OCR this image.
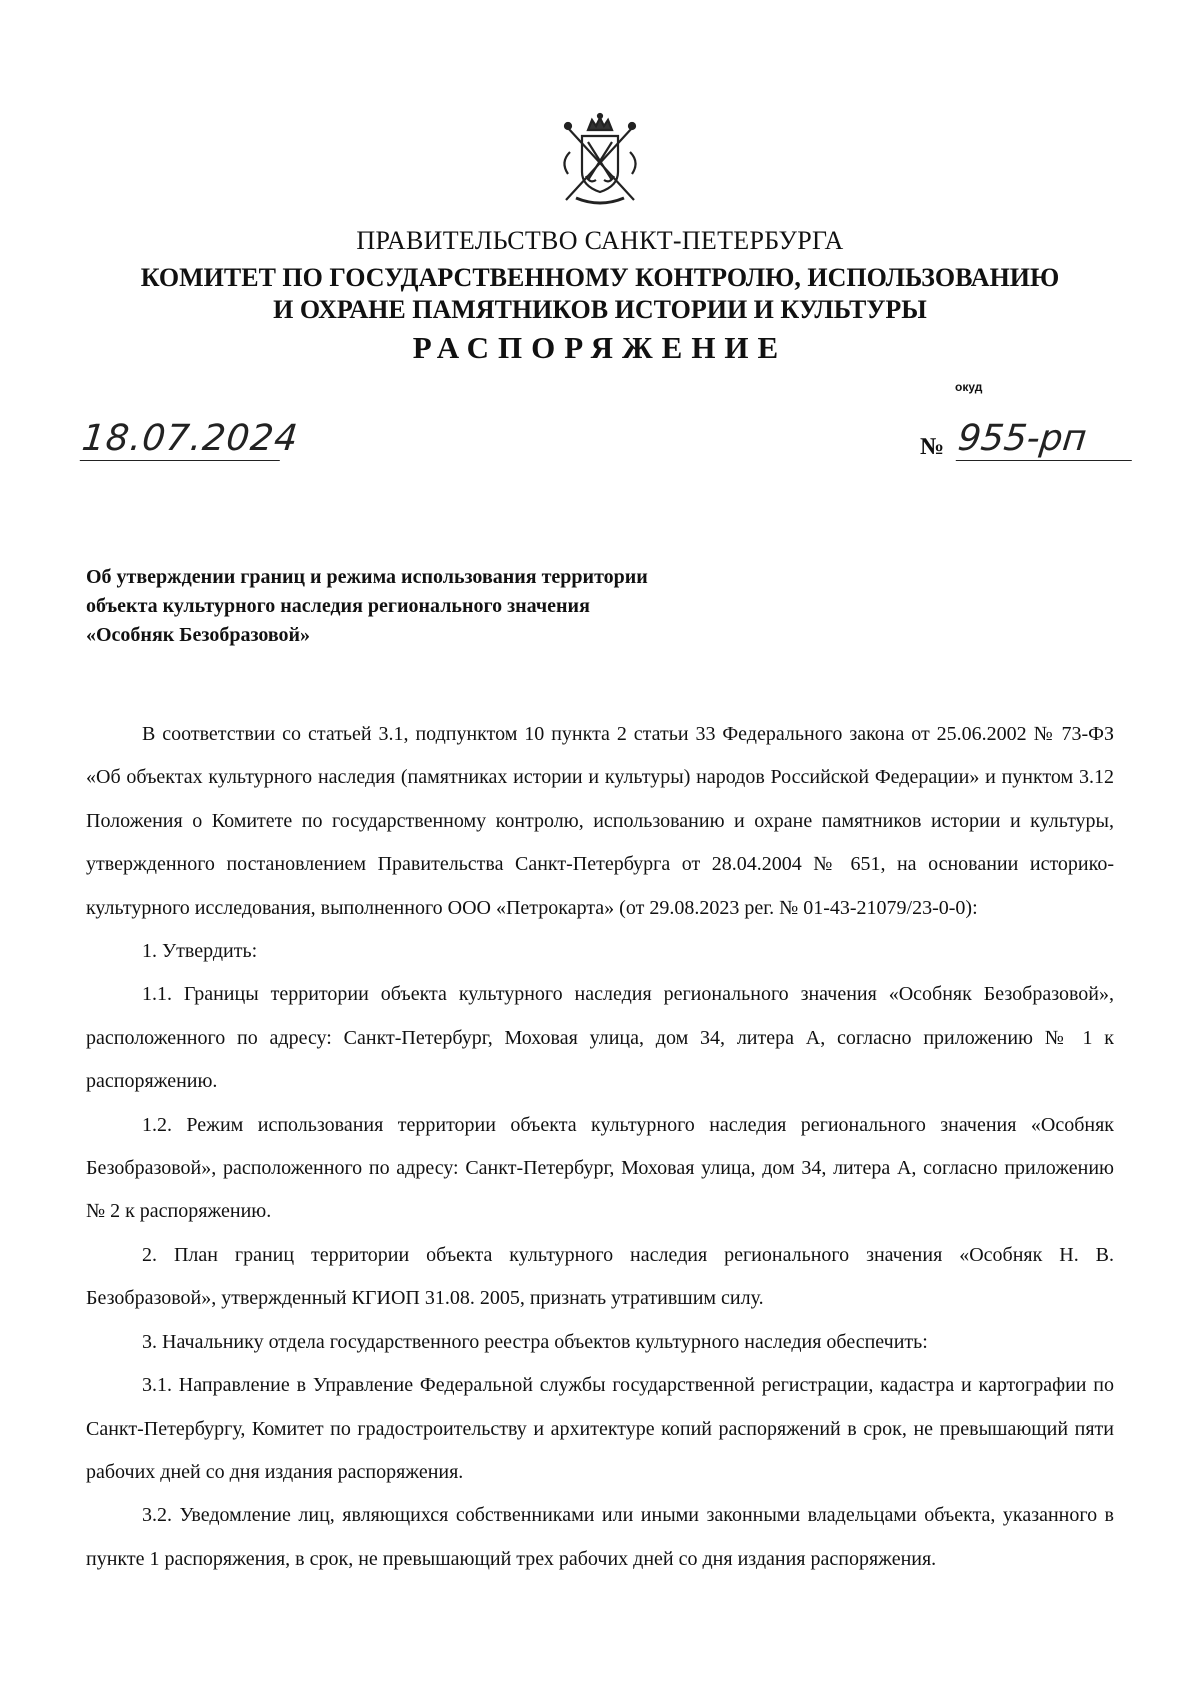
ПРАВИТЕЛЬСТВО САНКТ-ПЕТЕРБУРГА
КОМИТЕТ ПО ГОСУДАРСТВЕННОМУ КОНТРОЛЮ, ИСПОЛЬЗОВАНИЮ
И ОХРАНЕ ПАМЯТНИКОВ ИСТОРИИ И КУЛЬТУРЫ
РАСПОРЯЖЕНИЕ
окуд
18.07.2024	№ 955-рп
Об утверждении границ и режима использования территории
объекта культурного наследия регионального значения
«Особняк Безобразовой»

В соответствии со статьей 3.1, подпунктом 10 пункта 2 статьи 33 Федерального закона от 25.06.2002 № 73-ФЗ «Об объектах культурного наследия (памятниках истории и культуры) народов Российской Федерации» и пунктом 3.12 Положения о Комитете по государственному контролю, использованию и охране памятников истории и культуры, утвержденного постановлением Правительства Санкт-Петербурга от 28.04.2004 № 651, на основании историко-культурного исследования, выполненного ООО «Петрокарта» (от 29.08.2023 рег. № 01-43-21079/23-0-0):

1. Утвердить:

1.1. Границы территории объекта культурного наследия регионального значения «Особняк Безобразовой», расположенного по адресу: Санкт-Петербург, Моховая улица, дом 34, литера А, согласно приложению № 1 к распоряжению.

1.2. Режим использования территории объекта культурного наследия регионального значения «Особняк Безобразовой», расположенного по адресу: Санкт-Петербург, Моховая улица, дом 34, литера А, согласно приложению № 2 к распоряжению.

2. План границ территории объекта культурного наследия регионального значения «Особняк Н. В. Безобразовой», утвержденный КГИОП 31.08. 2005, признать утратившим силу.

3. Начальнику отдела государственного реестра объектов культурного наследия обеспечить:

3.1. Направление в Управление Федеральной службы государственной регистрации, кадастра и картографии по Санкт-Петербургу, Комитет по градостроительству и архитектуре копий распоряжений в срок, не превышающий пяти рабочих дней со дня издания распоряжения.

3.2. Уведомление лиц, являющихся собственниками или иными законными владельцами объекта, указанного в пункте 1 распоряжения, в срок, не превышающий трех рабочих дней со дня издания распоряжения.
